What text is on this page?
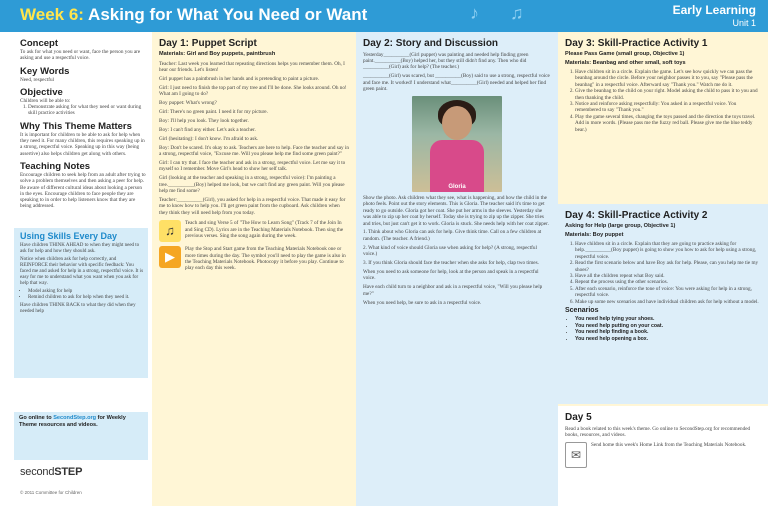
Week 6: Asking for What You Need or Want	♪ ♫	Early Learning
Unit 1
Concept

To ask for what you need or want, face the person you are asking and use a respectful voice.

Key Words

Need, respectful

Objective

Children will be able to:

1. Demonstrate asking for what they need or want during skill practice activities
Why This Theme Matters

It is important for children to be able to ask for help when they need it. For many children, this requires speaking up in a strong, respectful voice. Speaking up in this way (being assertive) also helps children get along with others.

Teaching Notes

Encourage children to seek help from an adult after trying to solve a problem themselves and then asking a peer for help. Be aware of different cultural ideas about looking a person in the eyes. Encourage children to face people they are speaking to in order to help listeners know that they are being addressed.

Using Skills Every Day

Have children THINK AHEAD to when they might need to ask for help and how they should ask.

Notice when children ask for help correctly, and REINFORCE their behavior with specific feedback: You faced me and asked for help in a strong, respectful voice. It is easy for me to understand what you want when you ask for help that way.

• Model asking for help
• Remind children to ask for help when they need it.

Have children THINK BACK to what they did when they needed help

Go online to SecondStep.org for Weekly Theme resources and videos.
secondSTEP
© 2011 Committee for Children
Day 1: Puppet Script
Materials: Girl and Boy puppets, paintbrush

Teacher: Last week you learned that repeating directions helps you remember them. Oh, I hear our friends. Let's listen!

Girl puppet has a paintbrush in her hands and is pretending to paint a picture.

Girl: I just need to finish the top part of my tree and I'll be done. She looks around. Oh no! What am I going to do?

Boy puppet: What's wrong?

Girl: There's no green paint. I need it for my picture.

Boy: I'll help you look. They look together.

Boy: I can't find any either. Let's ask a teacher.

Girl (hesitating): I don't know. I'm afraid to ask.

Boy: Don't be scared. It's okay to ask. Teachers are here to help. Face the teacher and say in a strong, respectful voice, "Excuse me. Will you please help me find some green paint?"

Girl: I can try that. I face the teacher and ask in a strong, respectful voice. Let me say it to myself so I remember. Move Girl's head to show her self talk.

Girl (looking at the teacher and speaking in a strong, respectful voice): I'm painting a tree.__________(Boy) helped me look, but we can't find any green paint. Will you please help me find some?

Teacher:__________(Girl), you asked for help in a respectful voice. That made it easy for me to know how to help you. I'll get green paint from the cupboard. Ask children when they think they will need help from you today.

♫	Teach and sing Verse 5 of "The How to Learn Song" (Track 7 of the Join In and Sing CD). Lyrics are in the Teaching Materials Notebook. Then sing the previous verses. Sing the song again during the week.

▶	Play the Stop and Start game from the Teaching Materials Notebook one or more times during the day. The symbol you'll need to play the game is also in the Teaching Materials Notebook. Photocopy it before you play. Continue to play each day this week.

Day 2: Story and Discussion

Yesterday__________(Girl puppet) was painting and needed help finding green paint.__________(Boy) helped her, but they still didn't find any. Then who did __________(Girl) ask for help? (The teacher.)

__________(Girl) was scared, but __________(Boy) said to use a strong, respectful voice and face me. It worked! I understand what__________(Girl) needed and helped her find green paint.

Gloria

Show the photo. Ask children what they see, what is happening, and how the child in the photo feels. Point out the story elements. This is Gloria. The teacher said it's time to get ready to go outside. Gloria got her coat. She put her arms in the sleeves. Yesterday she was able to zip up her coat by herself. Today she is trying to zip up the zipper. She tries and tries, but just can't get it to work. Gloria is stuck. She needs help with her coat zipper.

1. Think about who Gloria can ask for help. Give think time. Call on a few children at random. (The teacher. A friend.)

2. What kind of voice should Gloria use when asking for help? (A strong, respectful voice.)

3. If you think Gloria should face the teacher when she asks for help, clap two times.

When you need to ask someone for help, look at the person and speak in a respectful voice.

Have each child turn to a neighbor and ask in a respectful voice, "Will you please help me?"

When you need help, be sure to ask in a respectful voice.

Day 3: Skill-Practice Activity 1
Please Pass Game (small group, Objective 1)
Materials: Beanbag and other small, soft toys
1. Have children sit in a circle. Explain the game. Let's see how quickly we can pass the beanbag around the circle. Before your neighbor passes it to you, say "Please pass the beanbag" in a respectful voice. Afterward say "Thank you." Watch me do it.
2. Give the beanbag to the child on your right. Model asking the child to pass it to you and then thanking the child.
3. Notice and reinforce asking respectfully: You asked in a respectful voice. You remembered to say "Thank you."
4. Play the game several times, changing the toys passed and the direction the toys travel. Add in more words. (Please pass me the fuzzy red ball. Please give me the blue teddy bear.)
Day 4: Skill-Practice Activity 2
Asking for Help (large group, Objective 1)
Materials: Boy puppet
1. Have children sit in a circle. Explain that they are going to practice asking for help.__________(Boy puppet) is going to show you how to ask for help using a strong, respectful voice.
2. Read the first scenario below and have Boy ask for help. Please, can you help me tie my shoes?
3. Have all the children repeat what Boy said.
4. Repeat the process using the other scenarios.
5. After each scenario, reinforce the tone of voice: You were asking for help in a strong, respectful voice.
6. Make up some new scenarios and have individual children ask for help without a model.

Scenarios

• You need help tying your shoes.
• You need help putting on your coat.
• You need help finding a book.
• You need help opening a box.
Day 5

Read a book related to this week's theme. Go online to SecondStep.org for recommended books, resources, and videos.

✉

Send home this week's Home Link from the Teaching Materials Notebook.
